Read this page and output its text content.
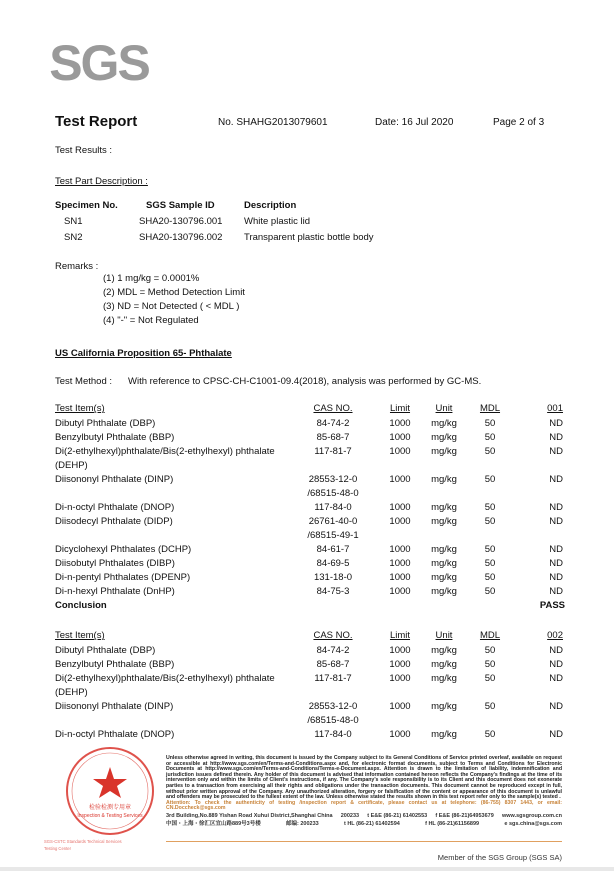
SGS
Test Report	No. SHAHG2013079601	Date: 16 Jul 2020	Page 2 of 3
Test Results :
Test Part Description :
Specimen No.	SGS Sample ID	Description
SN1	SHA20-130796.001 White plastic lid
SN2	SHA20-130796.002 Transparent plastic bottle body
Remarks :
(1) 1 mg/kg = 0.0001%
(2) MDL = Method Detection Limit
(3) ND = Not Detected ( < MDL )
(4) "-" = Not Regulated
US California Proposition 65- Phthalate
Test Method : With reference to CPSC-CH-C1001-09.4(2018), analysis was performed by GC-MS.
Test Item(s)	CAS NO.	Limit	Unit	MDL	001
Dibutyl Phthalate (DBP)	84-74-2	1000	mg/kg	50	ND
Benzylbutyl Phthalate (BBP)	85-68-7	1000	mg/kg	50	ND
Di(2-ethylhexyl)phthalate/Bis(2-ethylhexyl) phthalate (DEHP)
117-81-7	1000	mg/kg	50	ND
Diisononyl Phthalate (DINP)	28553-12-0 /68515-48-0
1000	mg/kg	50	ND
Di-n-octyl Phthalate (DNOP)	117-84-0	1000	mg/kg	50	ND
Diisodecyl Phthalate (DIDP)	26761-40-0 /68515-49-1
1000	mg/kg	50	ND
Dicyclohexyl Phthalates (DCHP)	84-61-7	1000	mg/kg	50	ND
Diisobutyl Phthalates (DIBP)	84-69-5	1000	mg/kg	50	ND
Di-n-pentyl Phthalates (DPENP)	131-18-0	1000	mg/kg	50	ND
Di-n-hexyl Phthalate (DnHP)	84-75-3	1000	mg/kg	50	ND
Conclusion	PASS
Test Item(s)	CAS NO.	Limit	Unit	MDL	002
Dibutyl Phthalate (DBP)	84-74-2	1000	mg/kg	50	ND
Benzylbutyl Phthalate (BBP)	85-68-7	1000	mg/kg	50	ND
Di(2-ethylhexyl)phthalate/Bis(2-ethylhexyl) phthalate (DEHP)
117-81-7	1000	mg/kg	50	ND
Diisononyl Phthalate (DINP)	28553-12-0 /68515-48-0
1000	mg/kg	50	ND
Di-n-octyl Phthalate (DNOP)	117-84-0	1000	mg/kg	50	ND
检验检测专用章
Inspection & Testing Services
SGS-CSTC Standards Technical Services
Testing Center
Unless otherwise agreed in writing, this document is issued by the Company subject to its General Conditions of Service printed overleaf, available on request or accessible at http://www.sgs.com/en/Terms-and-Conditions.aspx and, for electronic format documents, subject to Terms and Conditions for Electronic Documents at http://www.sgs.com/en/Terms-and-Conditions/Terms-e-Document.aspx. Attention is drawn to the limitation of liability, indemnification and jurisdiction issues defined therein. Any holder of this document is advised that information contained hereon reflects the Company's findings at the time of its intervention only and within the limits of Client's instructions, if any. The Company's sole responsibility is to its Client and this document does not exonerate parties to a transaction from exercising all their rights and obligations under the transaction documents. This document cannot be reproduced except in full, without prior written approval of the Company. Any unauthorized alteration, forgery or falsification of the content or appearance of this document is unlawful and offenders may be prosecuted to the fullest extent of the law. Unless otherwise stated the results shown in this test report refer only to the sample(s) tested .
Attention: To check the authenticity of testing /inspection report & certificate, please contact us at telephone: (86-755) 8307 1443, or email: CN.Doccheck@sgs.com
3rd Building,No.889 Yishan Road Xuhui District,Shanghai China 200233 t E&E (86-21) 61402553 f E&E (86-21)64953679 www.sgsgroup.com.cn
中国・上海・徐汇区宜山路889号3号楼	邮编: 200233	t HL (86-21) 61402594	f HL (86-21)61156899	e sgs.china@sgs.com
Member of the SGS Group (SGS SA)
